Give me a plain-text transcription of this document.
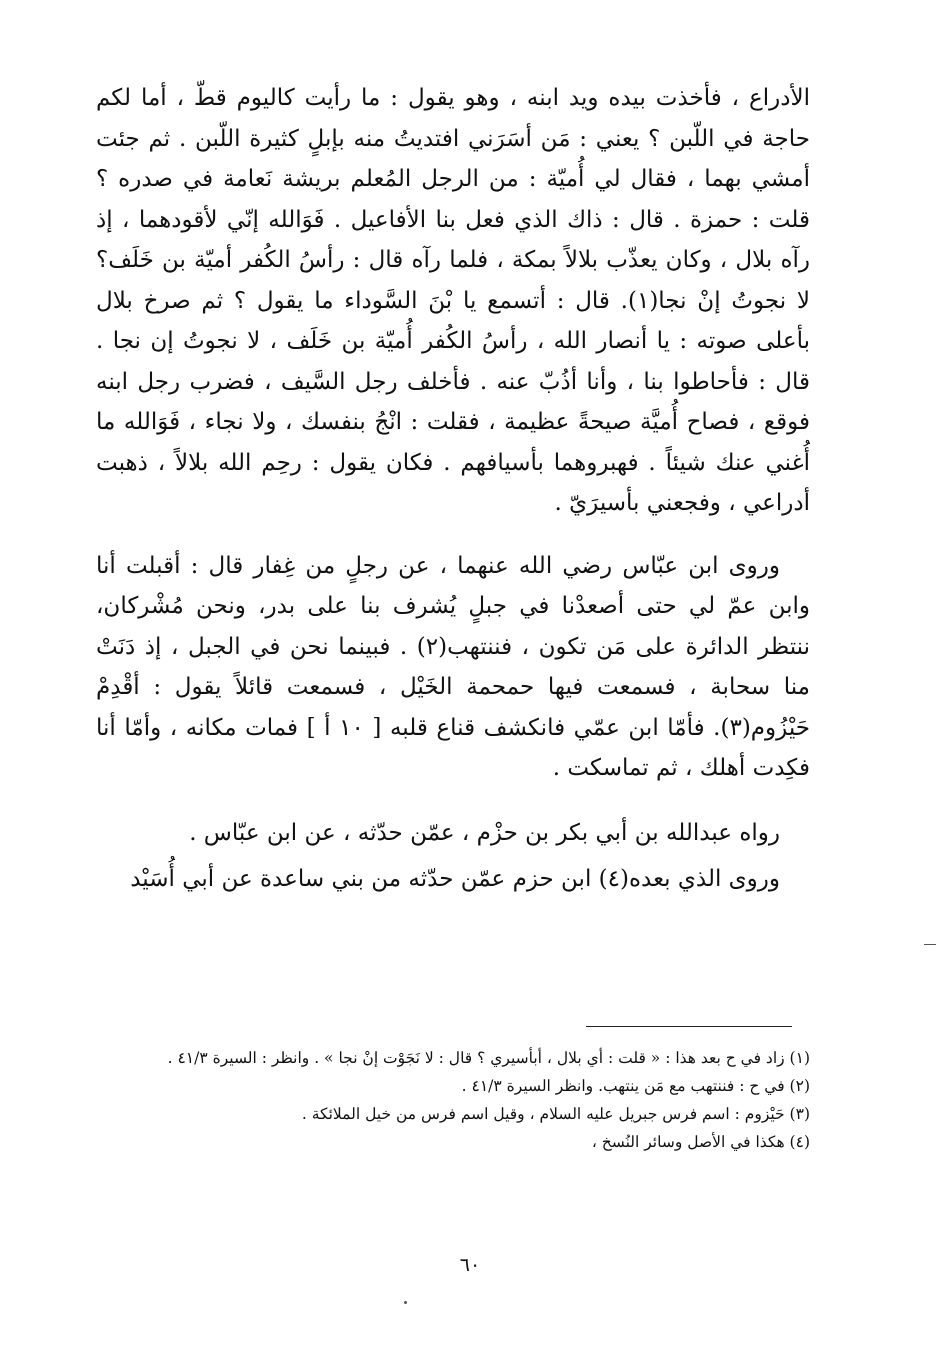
الأدراع ، فأخذت بيده ويد ابنه ، وهو يقول : ما رأيت كاليوم قطّ ، أما لكم حاجة في اللّبن ؟ يعني : مَن أسَرَني افتديتُ منه بإبلٍ كثيرة اللّبن . ثم جئت أمشي بهما ، فقال لي أُميّة : من الرجل المُعلم بريشة نَعامة في صدره ؟ قلت : حمزة . قال : ذاك الذي فعل بنا الأفاعيل . فَوَالله إنّي لأقودهما ، إذ رآه بلال ، وكان يعذّب بلالاً بمكة ، فلما رآه قال : رأسُ الكُفر أميّة بن خَلَف؟ لا نجوتُ إنْ نجا(١). قال : أتسمع يا بْنَ السَّوداء ما يقول ؟ ثم صرخ بلال بأعلى صوته : يا أنصار الله ، رأسُ الكُفر أُميّة بن خَلَف ، لا نجوتُ إن نجا . قال : فأحاطوا بنا ، وأنا أذُبّ عنه . فأخلف رجل السَّيف ، فضرب رجل ابنه فوقع ، فصاح أُميَّة صيحةً عظيمة ، فقلت : انْجُ بنفسك ، ولا نجاء ، فَوَالله ما أُغني عنك شيئاً . فهبروهما بأسيافهم . فكان يقول : رحِم الله بلالاً ، ذهبت أدراعي ، وفجعني بأسيرَيّ .

وروى ابن عبّاس رضي الله عنهما ، عن رجلٍ من غِفار قال : أقبلت أنا وابن عمّ لي حتى أصعدْنا في جبلٍ يُشرف بنا على بدر، ونحن مُشْركان، ننتظر الدائرة على مَن تكون ، فننتهب(٢) . فبينما نحن في الجبل ، إذ دَنَتْ منا سحابة ، فسمعت فيها حمحمة الخَيْل ، فسمعت قائلاً يقول : أقْدِمْ حَيْزُوم(٣). فأمّا ابن عمّي فانكشف قناع قلبه [ ١٠ أ ] فمات مكانه ، وأمّا أنا فكِدت أهلك ، ثم تماسكت .

رواه عبدالله بن أبي بكر بن حزْم ، عمّن حدّثه ، عن ابن عبّاس .

وروى الذي بعده(٤) ابن حزم عمّن حدّثه من بني ساعدة عن أبي أُسَيْد

(١) زاد في ح بعد هذا : « قلت : أي بلال ، أبأسيري ؟ قال : لا نَجَوْت إنْ نجا » . وانظر : السيرة ٤١/٣ .

(٢) في ح : فننتهب مع مَن ينتهب. وانظر السيرة ٤١/٣ .

(٣) حَيْزوم : اسم فرس جبريل عليه السلام ، وقيل اسم فرس من خيل الملائكة .

(٤) هكذا في الأصل وسائر النُسخ ،

٦٠
